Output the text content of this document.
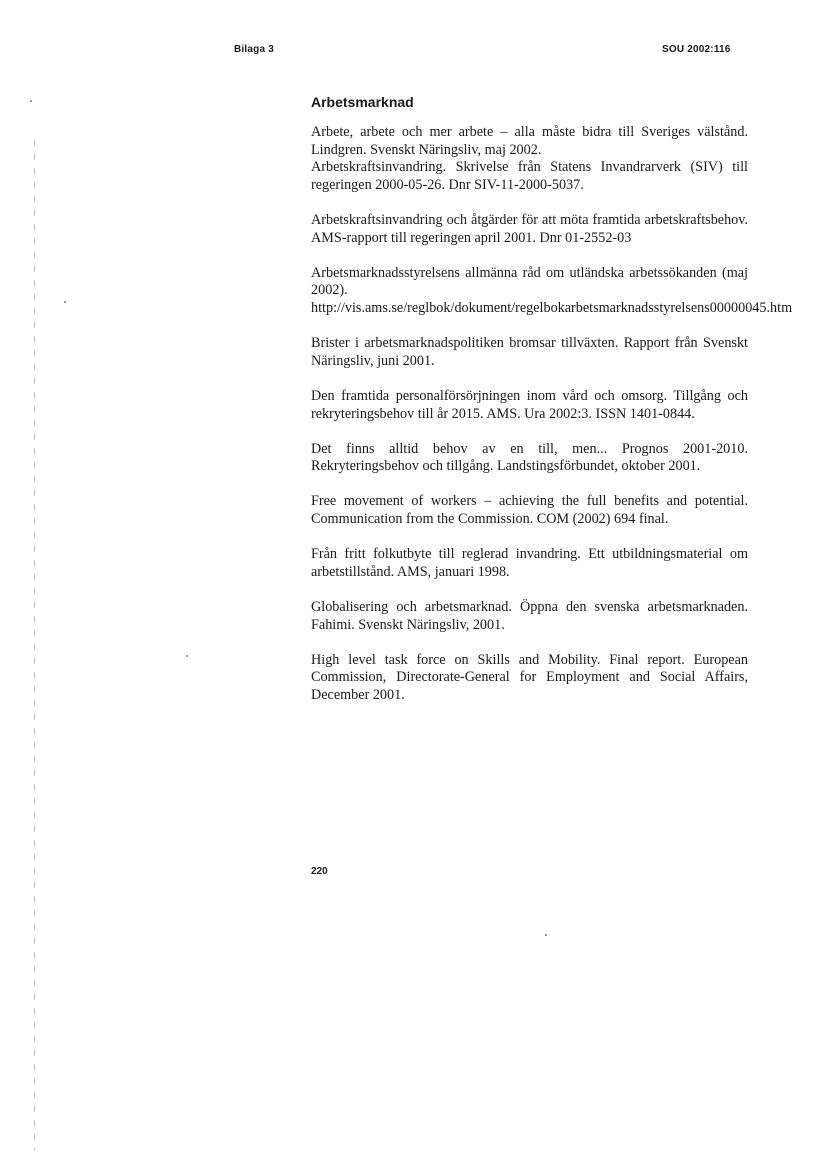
Bilaga 3	SOU 2002:116
Arbetsmarknad

Arbete, arbete och mer arbete – alla måste bidra till Sveriges välstånd. Lindgren. Svenskt Näringsliv, maj 2002.

Arbetskraftsinvandring. Skrivelse från Statens Invandrarverk (SIV) till regeringen 2000-05-26. Dnr SIV-11-2000-5037.

Arbetskraftsinvandring och åtgärder för att möta framtida arbetskraftsbehov. AMS-rapport till regeringen april 2001. Dnr 01-2552-03

Arbetsmarknadsstyrelsens allmänna råd om utländska arbetssökanden (maj 2002).

http://vis.ams.se/reglbok/dokument/regelbokarbetsmarknadsstyrelsens00000045.htm

Brister i arbetsmarknadspolitiken bromsar tillväxten. Rapport från Svenskt Näringsliv, juni 2001.

Den framtida personalförsörjningen inom vård och omsorg. Tillgång och rekryteringsbehov till år 2015. AMS. Ura 2002:3. ISSN 1401-0844.

Det finns alltid behov av en till, men... Prognos 2001-2010. Rekryteringsbehov och tillgång. Landstingsförbundet, oktober 2001.

Free movement of workers – achieving the full benefits and potential. Communication from the Commission. COM (2002) 694 final.

Från fritt folkutbyte till reglerad invandring. Ett utbildningsmaterial om arbetstillstånd. AMS, januari 1998.

Globalisering och arbetsmarknad. Öppna den svenska arbetsmarknaden. Fahimi. Svenskt Näringsliv, 2001.

High level task force on Skills and Mobility. Final report. European Commission, Directorate-General for Employment and Social Affairs, December 2001.

220
